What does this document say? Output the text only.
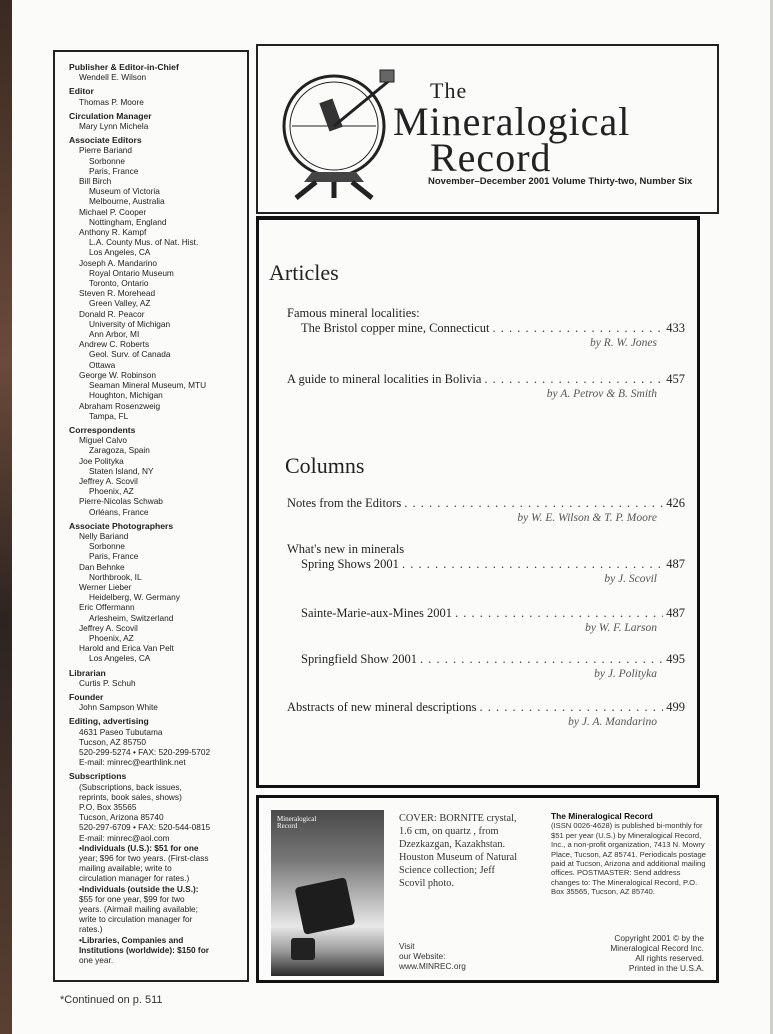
Publisher & Editor-in-Chief
Wendell E. Wilson
Editor
Thomas P. Moore
Circulation Manager
Mary Lynn Michela
Associate Editors
Pierre Bariand
Sorbonne
Paris, France
Bill Birch
Museum of Victoria
Melbourne, Australia
Michael P. Cooper
Nottingham, England
Anthony R. Kampf
L.A. County Mus. of Nat. Hist.
Los Angeles, CA
Joseph A. Mandarino
Royal Ontario Museum
Toronto, Ontario
Steven R. Morehead
Green Valley, AZ
Donald R. Peacor
University of Michigan
Ann Arbor, MI
Andrew C. Roberts
Geol. Surv. of Canada
Ottawa
George W. Robinson
Seaman Mineral Museum, MTU
Houghton, Michigan
Abraham Rosenzweig
Tampa, FL
Correspondents
Miguel Calvo
Zaragoza, Spain
Joe Polityka
Staten Island, NY
Jeffrey A. Scovil
Phoenix, AZ
Pierre-Nicolas Schwab
Orléans, France
Associate Photographers
Nelly Bariand
Sorbonne
Paris, France
Dan Behnke
Northbrook, IL
Werner Lieber
Heidelberg, W. Germany
Eric Offermann
Arlesheim, Switzerland
Jeffrey A. Scovil
Phoenix, AZ
Harold and Erica Van Pelt
Los Angeles, CA
Librarian
Curtis P. Schuh
Founder
John Sampson White
Editing, advertising
4631 Paseo Tubutama
Tucson, AZ 85750
520-299-5274 • FAX: 520-299-5702
E-mail: minrec@earthlink.net
Subscriptions
(Subscriptions, back issues,
reprints, book sales, shows)
P.O. Box 35565
Tucson, Arizona 85740
520-297-6709 • FAX: 520-544-0815
E-mail: minrec@aol.com
•Individuals (U.S.): $51 for one
year; $96 for two years. (First-class
mailing available; write to
circulation manager for rates.)
•Individuals (outside the U.S.):
$55 for one year, $99 for two
years. (Airmail mailing available;
write to circulation manager for
rates.)
•Libraries, Companies and
Institutions (worldwide): $150 for
one year.
The
Mineralogical
Record
November–December 2001 Volume Thirty-two, Number Six
Articles
Famous mineral localities:
The Bristol copper mine, Connecticut . . .	433
by R. W. Jones
A guide to mineral localities in Bolivia . . .	457
by A. Petrov & B. Smith
Columns
Notes from the Editors . . .	426
by W. E. Wilson & T. P. Moore
What's new in minerals
Spring Shows 2001 . . .	487
by J. Scovil
Sainte-Marie-aux-Mines 2001 . . .	487
by W. F. Larson
Springfield Show 2001 . . .	495
by J. Polityka
Abstracts of new mineral descriptions . . .	499
by J. A. Mandarino
Mineralogical
Record
COVER: BORNITE crystal, 1.6 cm, on quartz , from Dzezkazgan, Kazakhstan. Houston Museum of Natural Science collection; Jeff Scovil photo.
Visit
our Website:
www.MINREC.org
The Mineralogical Record
(ISSN 0026-4628) is published bi-monthly for $51 per year (U.S.) by Mineralogical Record, Inc., a non-profit organization, 7413 N. Mowry Place, Tucson, AZ 85741. Periodicals postage paid at Tucson, Arizona and additional mailing offices. POSTMASTER: Send address changes to: The Mineralogical Record, P.O. Box 35565, Tucson, AZ 85740.
Copyright 2001 © by the
Mineralogical Record Inc.
All rights reserved.
Printed in the U.S.A.
*Continued on p. 511
